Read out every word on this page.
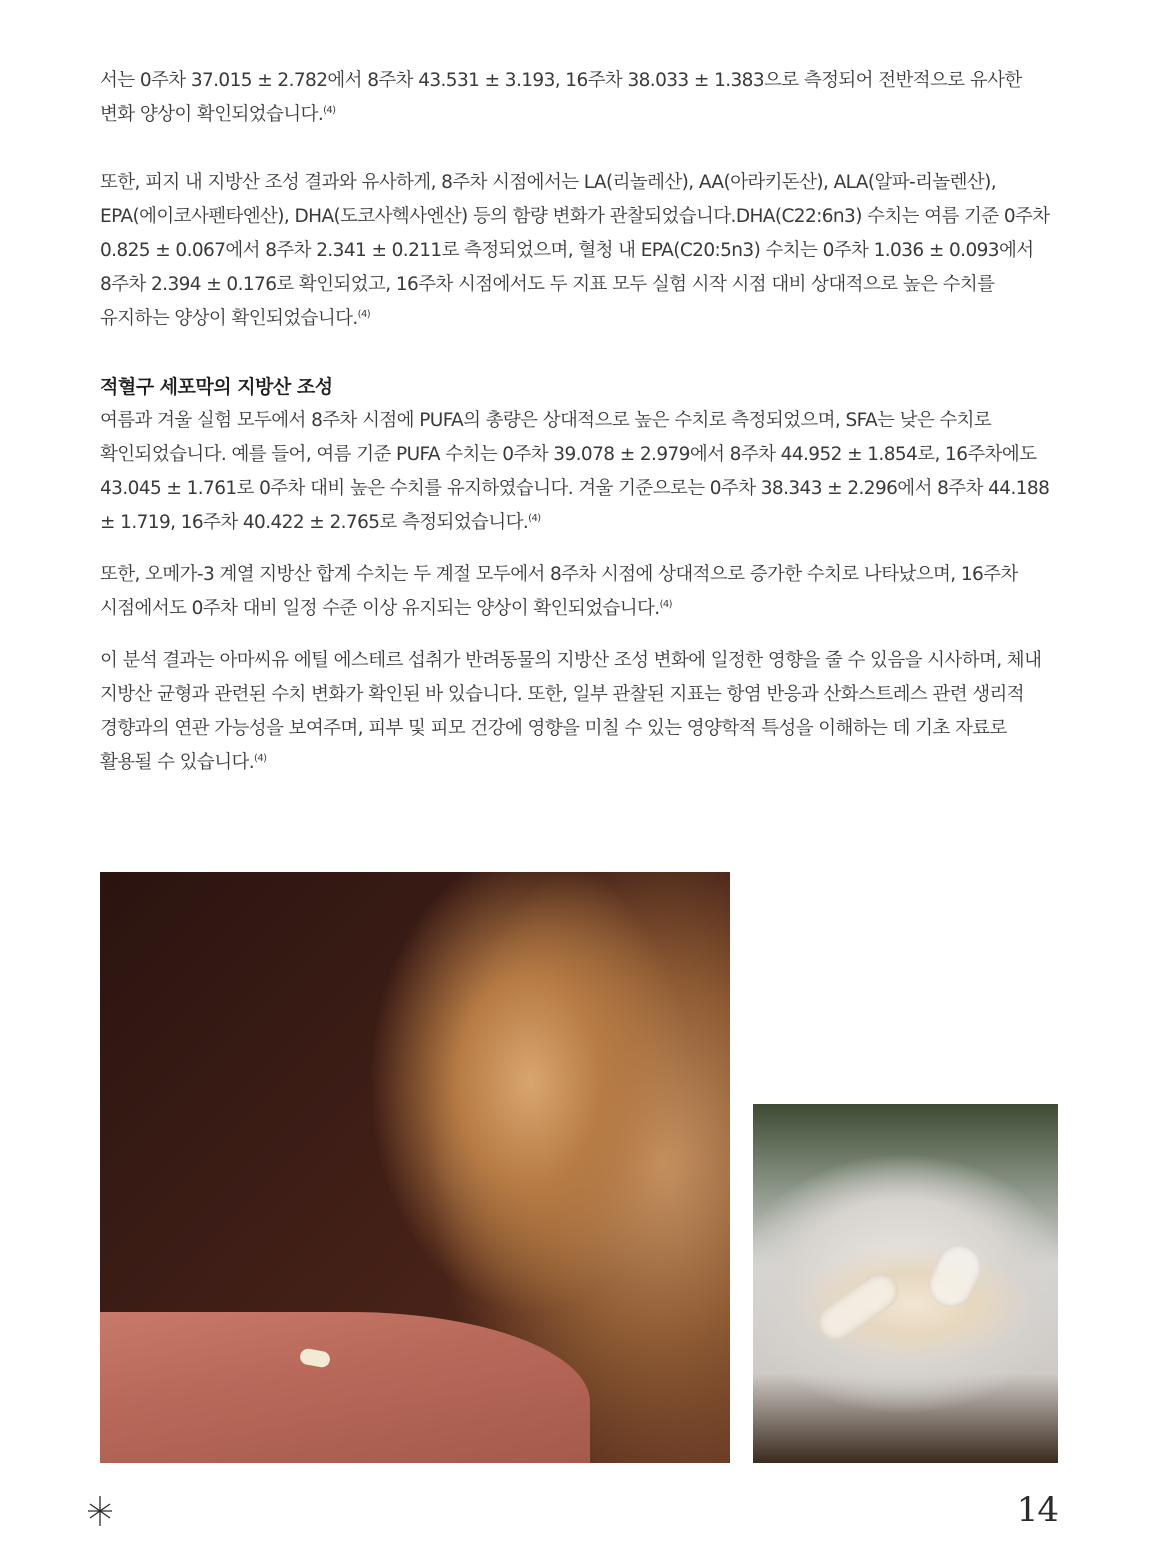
서는 0주차 37.015 ± 2.782에서 8주차 43.531 ± 3.193, 16주차 38.033 ± 1.383으로 측정되어 전반적으로 유사한 변화 양상이 확인되었습니다.$^{(4)}$

또한, 피지 내 지방산 조성 결과와 유사하게, 8주차 시점에서는 LA(리놀레산), AA(아라키돈산), ALA(알파-리놀렌산), EPA(에이코사펜타엔산), DHA(도코사헥사엔산) 등의 함량 변화가 관찰되었습니다.DHA(C22:6n3) 수치는 여름 기준 0주차 0.825 ± 0.067에서 8주차 2.341 ± 0.211로 측정되었으며, 혈청 내 EPA(C20:5n3) 수치는 0주차 1.036 ± 0.093에서 8주차 2.394 ± 0.176로 확인되었고, 16주차 시점에서도 두 지표 모두 실험 시작 시점 대비 상대적으로 높은 수치를 유지하는 양상이 확인되었습니다.$^{(4)}$

적혈구 세포막의 지방산 조성

여름과 겨울 실험 모두에서 8주차 시점에 PUFA의 총량은 상대적으로 높은 수치로 측정되었으며, SFA는 낮은 수치로 확인되었습니다. 예를 들어, 여름 기준 PUFA 수치는 0주차 39.078 ± 2.979에서 8주차 44.952 ± 1.854로, 16주차에도 43.045 ± 1.761로 0주차 대비 높은 수치를 유지하였습니다. 겨울 기준으로는 0주차 38.343 ± 2.296에서 8주차 44.188 ± 1.719, 16주차 40.422 ± 2.765로 측정되었습니다.$^{(4)}$

또한, 오메가-3 계열 지방산 합계 수치는 두 계절 모두에서 8주차 시점에 상대적으로 증가한 수치로 나타났으며, 16주차 시점에서도 0주차 대비 일정 수준 이상 유지되는 양상이 확인되었습니다.$^{(4)}$

이 분석 결과는 아마씨유 에틸 에스테르 섭취가 반려동물의 지방산 조성 변화에 일정한 영향을 줄 수 있음을 시사하며, 체내 지방산 균형과 관련된 수치 변화가 확인된 바 있습니다. 또한, 일부 관찰된 지표는 항염 반응과 산화스트레스 관련 생리적 경향과의 연관 가능성을 보여주며, 피부 및 피모 건강에 영향을 미칠 수 있는 영양학적 특성을 이해하는 데 기초 자료로 활용될 수 있습니다.$^{(4)}$

14
